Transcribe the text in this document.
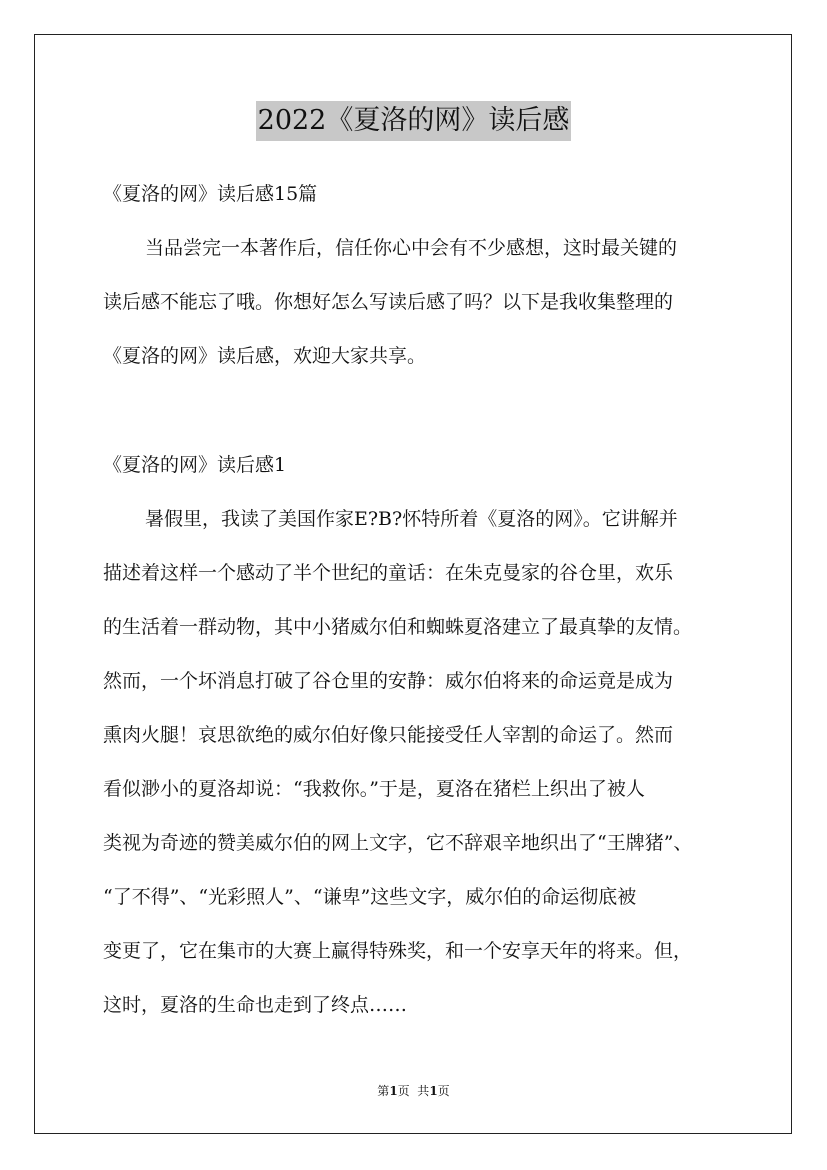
2022《夏洛的网》读后感
《夏洛的网》读后感15篇
当品尝完一本著作后，信任你心中会有不少感想，这时最关键的
读后感不能忘了哦。你想好怎么写读后感了吗？以下是我收集整理的
《夏洛的网》读后感，欢迎大家共享。
《夏洛的网》读后感1
暑假里，我读了美国作家E?B?怀特所着《夏洛的网》。它讲解并
描述着这样一个感动了半个世纪的童话：在朱克曼家的谷仓里，欢乐
的生活着一群动物，其中小猪威尔伯和蜘蛛夏洛建立了最真挚的友情。
然而，一个坏消息打破了谷仓里的安静：威尔伯将来的命运竟是成为
熏肉火腿！哀思欲绝的威尔伯好像只能接受任人宰割的命运了。然而
看似渺小的夏洛却说：“我救你。”于是，夏洛在猪栏上织出了被人
类视为奇迹的赞美威尔伯的网上文字，它不辞艰辛地织出了“王牌猪”、
“了不得”、“光彩照人”、“谦卑”这些文字，威尔伯的命运彻底被
变更了，它在集市的大赛上赢得特殊奖，和一个安享天年的将来。但，
这时，夏洛的生命也走到了终点……
第1页  共1页
